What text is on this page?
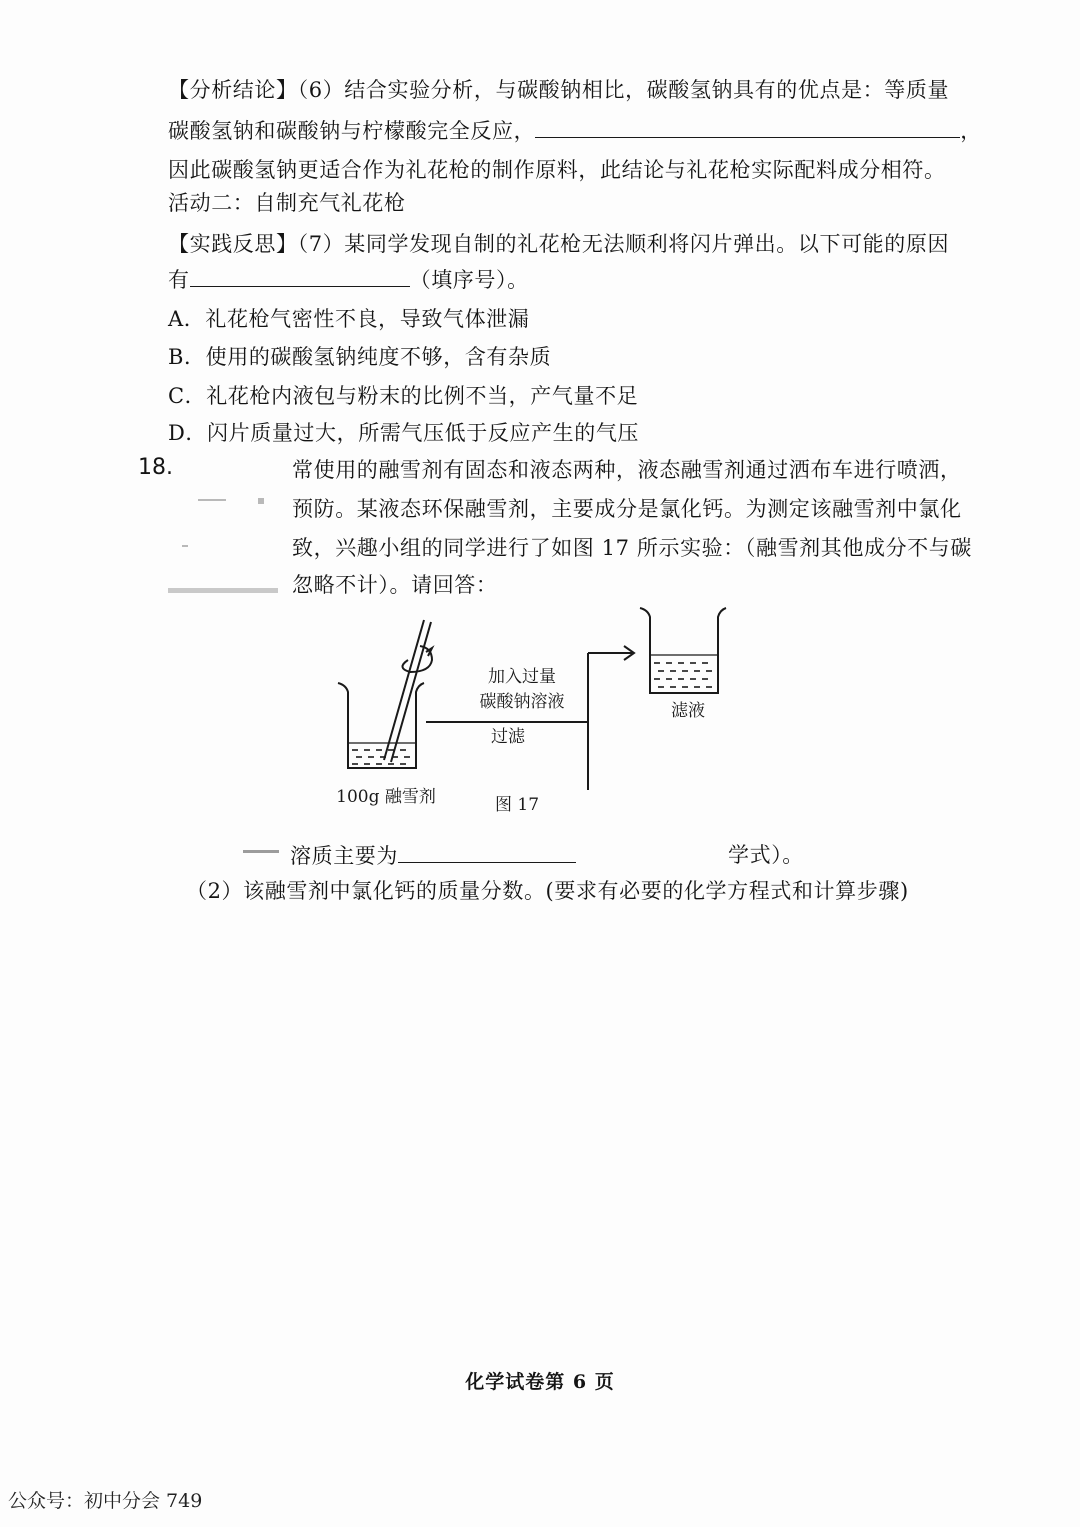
【分析结论】（6）结合实验分析，与碳酸钠相比，碳酸氢钠具有的优点是：等质量
碳酸氢钠和碳酸钠与柠檬酸完全反应，	，
因此碳酸氢钠更适合作为礼花枪的制作原料，此结论与礼花枪实际配料成分相符。
活动二：自制充气礼花枪
【实践反思】（7）某同学发现自制的礼花枪无法顺利将闪片弹出。以下可能的原因
有	（填序号）。
A．礼花枪气密性不良，导致气体泄漏
B．使用的碳酸氢钠纯度不够，含有杂质
C．礼花枪内液包与粉末的比例不当，产气量不足
D．闪片质量过大，所需气压低于反应产生的气压
18.	常使用的融雪剂有固态和液态两种，液态融雪剂通过洒布车进行喷洒，
预防。某液态环保融雪剂，主要成分是氯化钙。为测定该融雪剂中氯化
致，兴趣小组的同学进行了如图 17 所示实验：（融雪剂其他成分不与碳
忽略不计）。请回答：
加入过量
碳酸钠溶液
过滤
滤液
100g 融雪剂	图 17
溶质主要为	学式）。
（2）该融雪剂中氯化钙的质量分数。(要求有必要的化学方程式和计算步骤)
化学试卷第 6 页
公众号：初中分会 749
